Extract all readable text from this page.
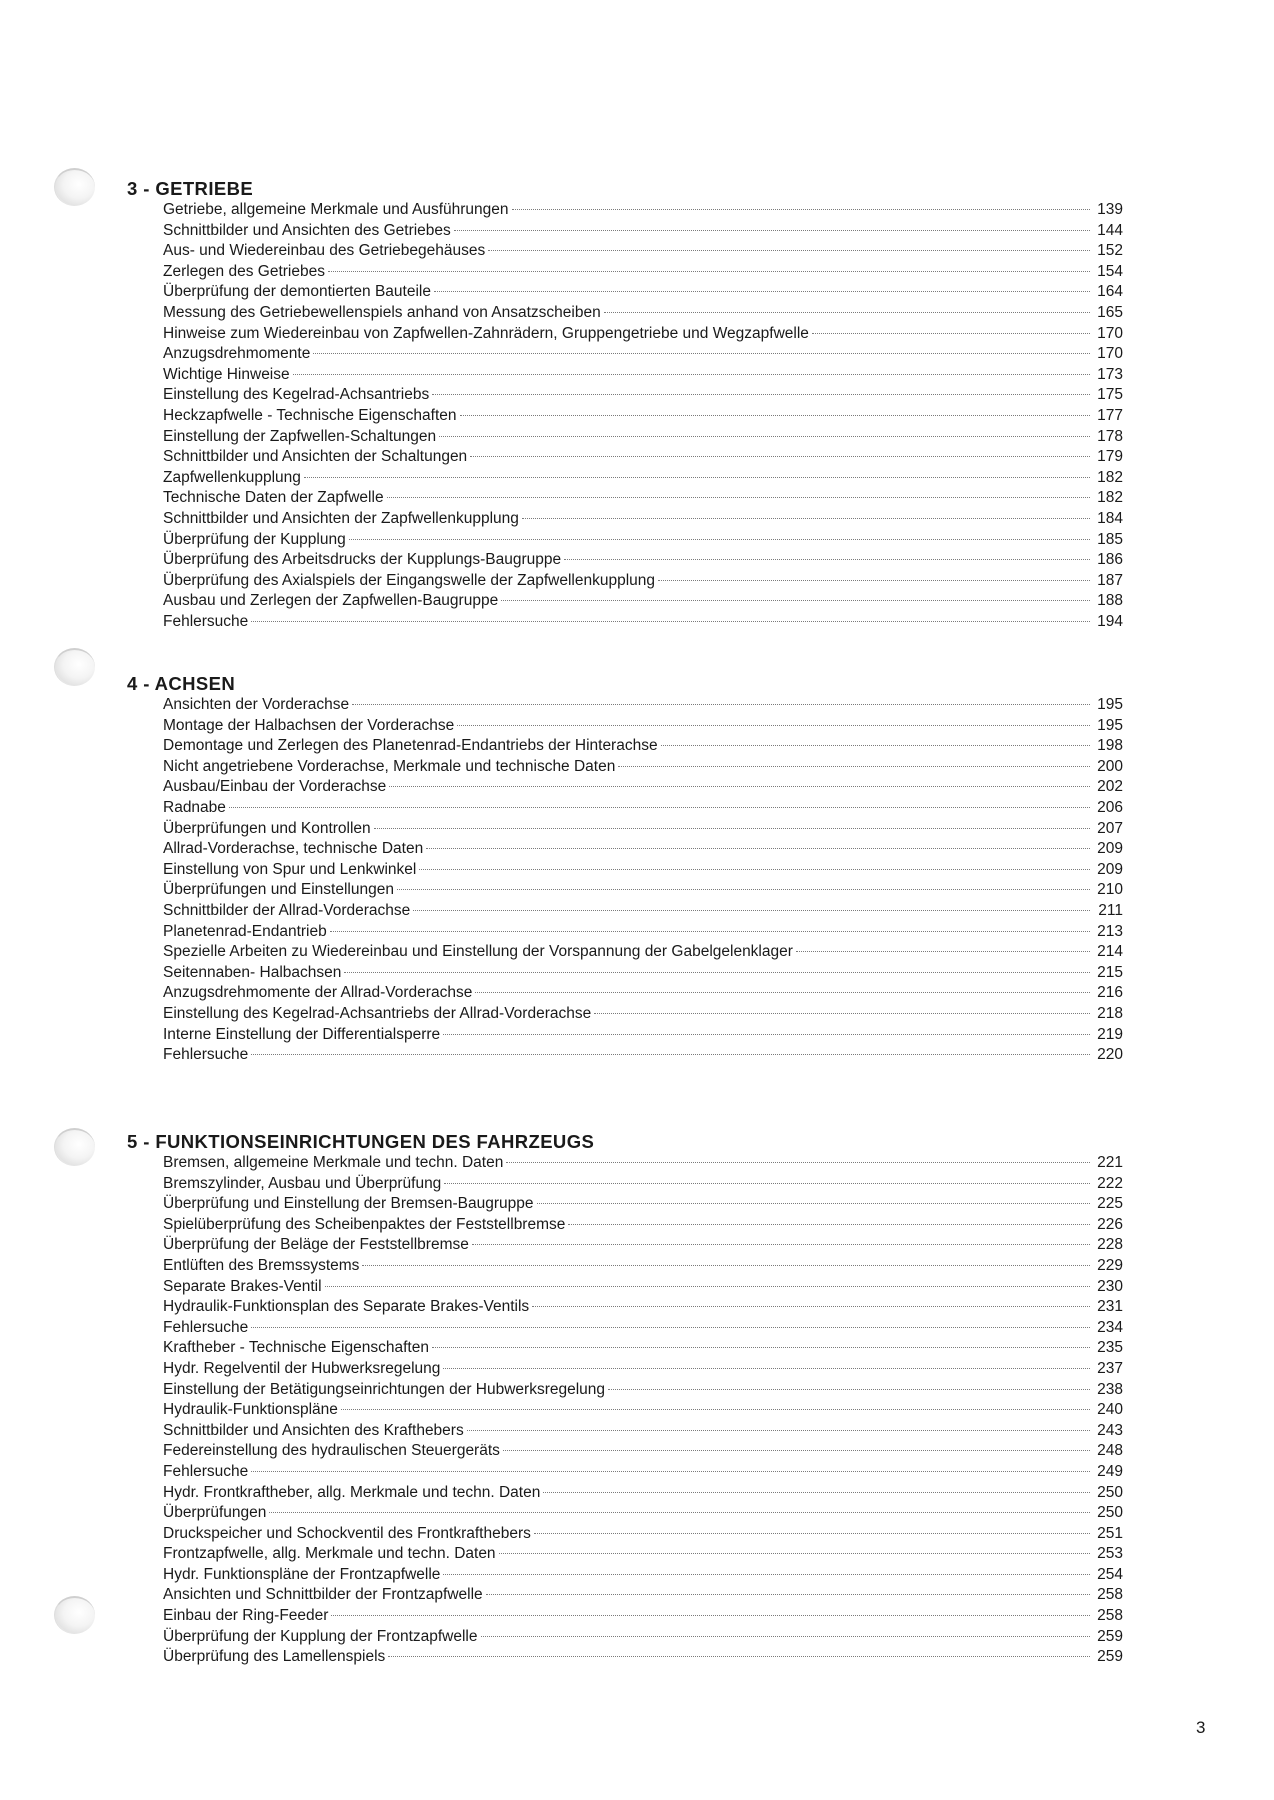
3 - GETRIEBE
Getriebe, allgemeine Merkmale und Ausführungen	139
Schnittbilder und Ansichten des Getriebes	144
Aus- und Wiedereinbau des Getriebegehäuses	152
Zerlegen des Getriebes	154
Überprüfung der demontierten Bauteile	164
Messung des Getriebewellenspiels anhand von Ansatzscheiben	165
Hinweise zum Wiedereinbau von Zapfwellen-Zahnrädern, Gruppengetriebe und Wegzapfwelle	170
Anzugsdrehmomente	170
Wichtige Hinweise	173
Einstellung des Kegelrad-Achsantriebs	175
Heckzapfwelle - Technische Eigenschaften	177
Einstellung der Zapfwellen-Schaltungen	178
Schnittbilder und Ansichten der Schaltungen	179
Zapfwellenkupplung	182
Technische Daten der Zapfwelle	182
Schnittbilder und Ansichten der Zapfwellenkupplung	184
Überprüfung der Kupplung	185
Überprüfung des Arbeitsdrucks der Kupplungs-Baugruppe	186
Überprüfung des Axialspiels der Eingangswelle der Zapfwellenkupplung	187
Ausbau und Zerlegen der Zapfwellen-Baugruppe	188
Fehlersuche	194
4 - ACHSEN
Ansichten der Vorderachse	195
Montage der Halbachsen der Vorderachse	195
Demontage und Zerlegen des Planetenrad-Endantriebs der Hinterachse	198
Nicht angetriebene Vorderachse, Merkmale und technische Daten	200
Ausbau/Einbau der Vorderachse	202
Radnabe	206
Überprüfungen und Kontrollen	207
Allrad-Vorderachse, technische Daten	209
Einstellung von Spur und Lenkwinkel	209
Überprüfungen und Einstellungen	210
Schnittbilder der Allrad-Vorderachse	211
Planetenrad-Endantrieb	213
Spezielle Arbeiten zu Wiedereinbau und Einstellung der Vorspannung der Gabelgelenklager	214
Seitennaben- Halbachsen	215
Anzugsdrehmomente der Allrad-Vorderachse	216
Einstellung des Kegelrad-Achsantriebs der Allrad-Vorderachse	218
Interne Einstellung der Differentialsperre	219
Fehlersuche	220
5 - FUNKTIONSEINRICHTUNGEN DES FAHRZEUGS
Bremsen, allgemeine Merkmale und techn. Daten	221
Bremszylinder, Ausbau und Überprüfung	222
Überprüfung und Einstellung der Bremsen-Baugruppe	225
Spielüberprüfung des Scheibenpaktes der Feststellbremse	226
Überprüfung der Beläge der Feststellbremse	228
Entlüften des Bremssystems	229
Separate Brakes-Ventil	230
Hydraulik-Funktionsplan des Separate Brakes-Ventils	231
Fehlersuche	234
Kraftheber - Technische Eigenschaften	235
Hydr. Regelventil der Hubwerksregelung	237
Einstellung der Betätigungseinrichtungen der Hubwerksregelung	238
Hydraulik-Funktionspläne	240
Schnittbilder und Ansichten des Krafthebers	243
Federeinstellung des hydraulischen Steuergeräts	248
Fehlersuche	249
Hydr. Frontkraftheber, allg. Merkmale und techn. Daten	250
Überprüfungen	250
Druckspeicher und Schockventil des Frontkrafthebers	251
Frontzapfwelle, allg. Merkmale und techn. Daten	253
Hydr. Funktionspläne der Frontzapfwelle	254
Ansichten und Schnittbilder der Frontzapfwelle	258
Einbau der Ring-Feeder	258
Überprüfung der Kupplung der Frontzapfwelle	259
Überprüfung des Lamellenspiels	259
3
